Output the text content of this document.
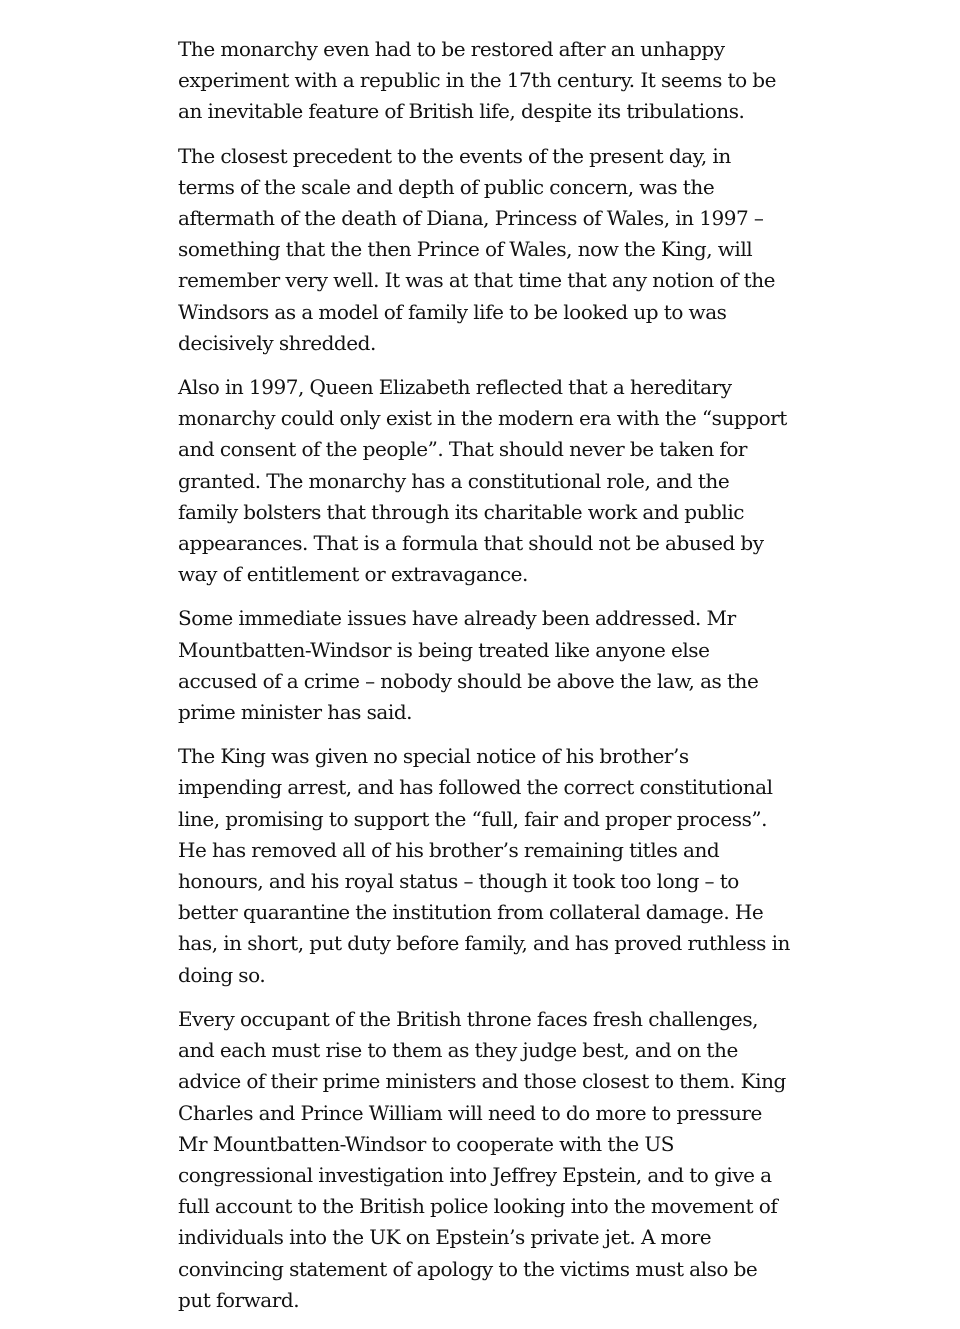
The monarchy even had to be restored after an unhappy experiment with a republic in the 17th century. It seems to be an inevitable feature of British life, despite its tribulations.

The closest precedent to the events of the present day, in terms of the scale and depth of public concern, was the aftermath of the death of Diana, Princess of Wales, in 1997 – something that the then Prince of Wales, now the King, will remember very well. It was at that time that any notion of the Windsors as a model of family life to be looked up to was decisively shredded.

Also in 1997, Queen Elizabeth reflected that a hereditary monarchy could only exist in the modern era with the “support and consent of the people”. That should never be taken for granted. The monarchy has a constitutional role, and the family bolsters that through its charitable work and public appearances. That is a formula that should not be abused by way of entitlement or extravagance.

Some immediate issues have already been addressed. Mr Mountbatten-Windsor is being treated like anyone else accused of a crime – nobody should be above the law, as the prime minister has said.

The King was given no special notice of his brother’s impending arrest, and has followed the correct constitutional line, promising to support the “full, fair and proper process”. He has removed all of his brother’s remaining titles and honours, and his royal status – though it took too long – to better quarantine the institution from collateral damage. He has, in short, put duty before family, and has proved ruthless in doing so.

Every occupant of the British throne faces fresh challenges, and each must rise to them as they judge best, and on the advice of their prime ministers and those closest to them. King Charles and Prince William will need to do more to pressure Mr Mountbatten-Windsor to cooperate with the US congressional investigation into Jeffrey Epstein, and to give a full account to the British police looking into the movement of individuals into the UK on Epstein’s private jet. A more convincing statement of apology to the victims must also be put forward.
